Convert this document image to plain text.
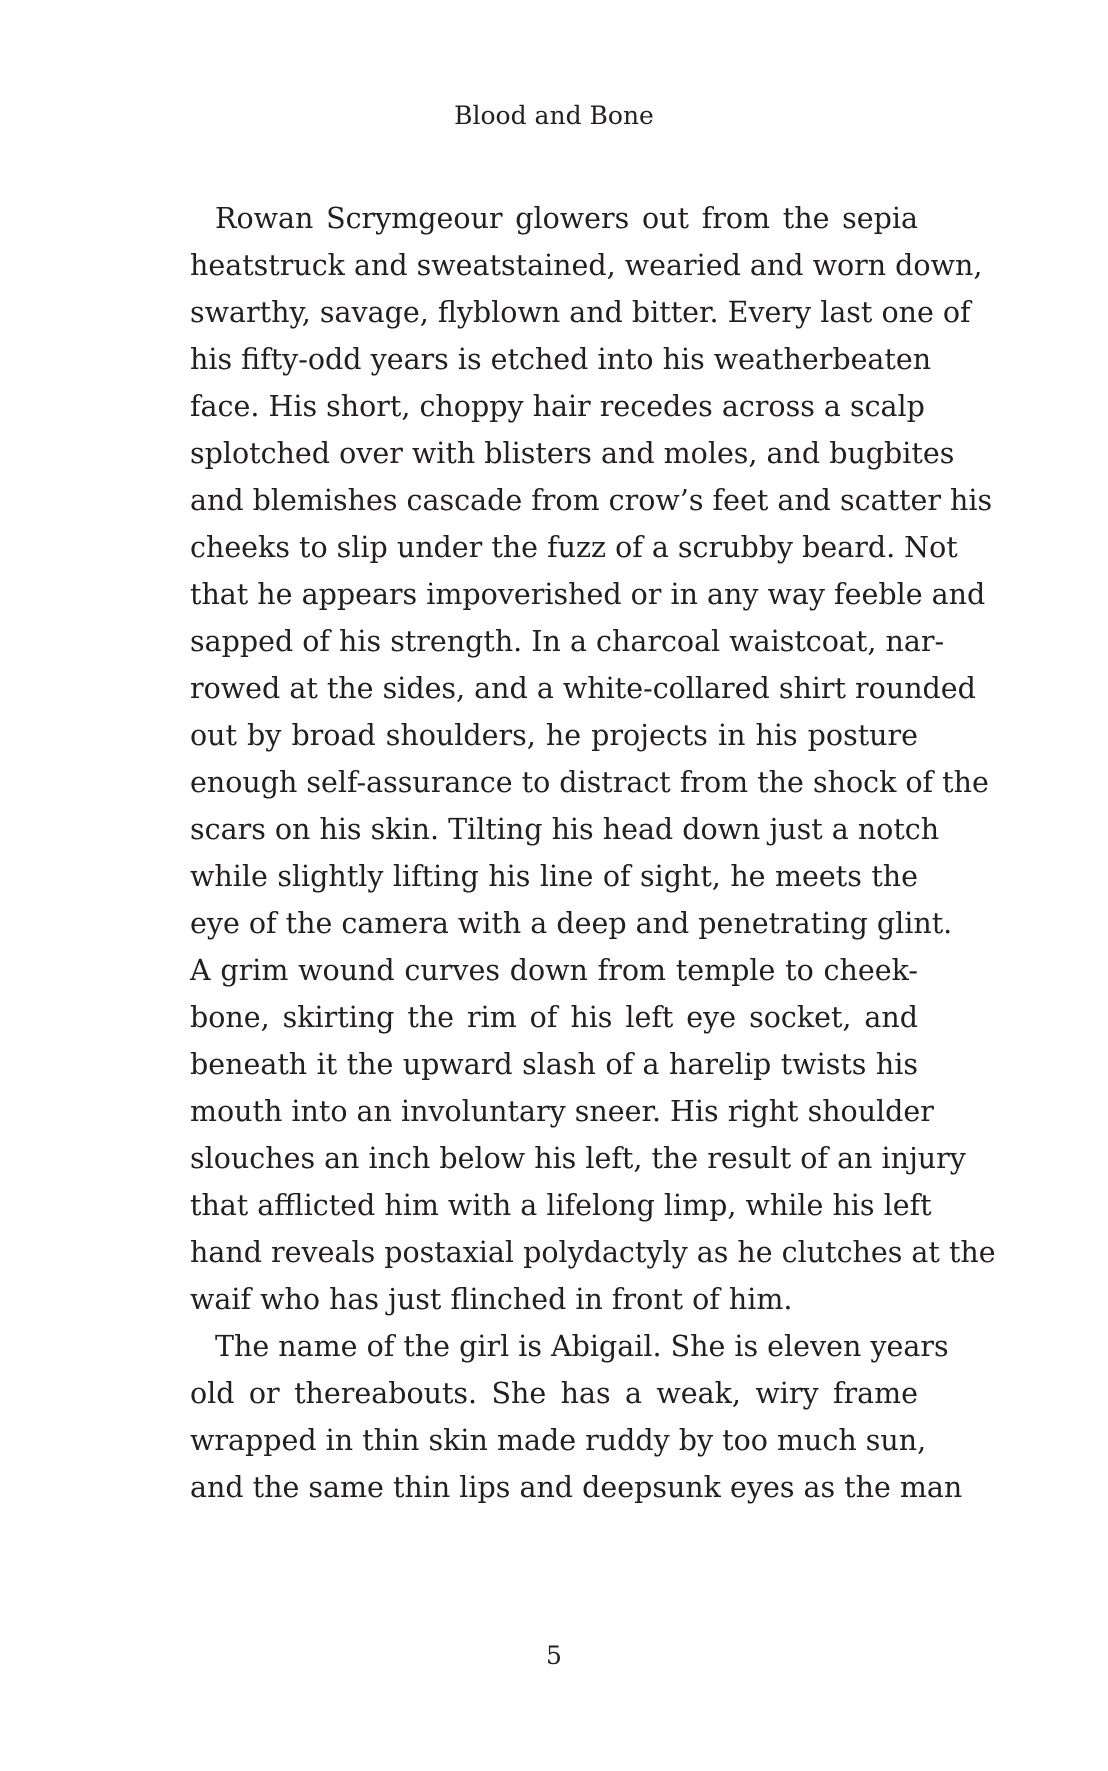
Blood and Bone
Rowan Scrymgeour glowers out from the sepia
heatstruck and sweatstained, wearied and worn down,
swarthy, savage, flyblown and bitter. Every last one of
his fifty-odd years is etched into his weatherbeaten
face. His short, choppy hair recedes across a scalp
splotched over with blisters and moles, and bugbites
and blemishes cascade from crow’s feet and scatter his
cheeks to slip under the fuzz of a scrubby beard. Not
that he appears impoverished or in any way feeble and
sapped of his strength. In a charcoal waistcoat, nar-
rowed at the sides, and a white-collared shirt rounded
out by broad shoulders, he projects in his posture
enough self-assurance to distract from the shock of the
scars on his skin. Tilting his head down just a notch
while slightly lifting his line of sight, he meets the
eye of the camera with a deep and penetrating glint.
A grim wound curves down from temple to cheek-
bone, skirting the rim of his left eye socket, and
beneath it the upward slash of a harelip twists his
mouth into an involuntary sneer. His right shoulder
slouches an inch below his left, the result of an injury
that afflicted him with a lifelong limp, while his left
hand reveals postaxial polydactyly as he clutches at the
waif who has just flinched in front of him.
The name of the girl is Abigail. She is eleven years
old or thereabouts. She has a weak, wiry frame
wrapped in thin skin made ruddy by too much sun,
and the same thin lips and deepsunk eyes as the man
5
